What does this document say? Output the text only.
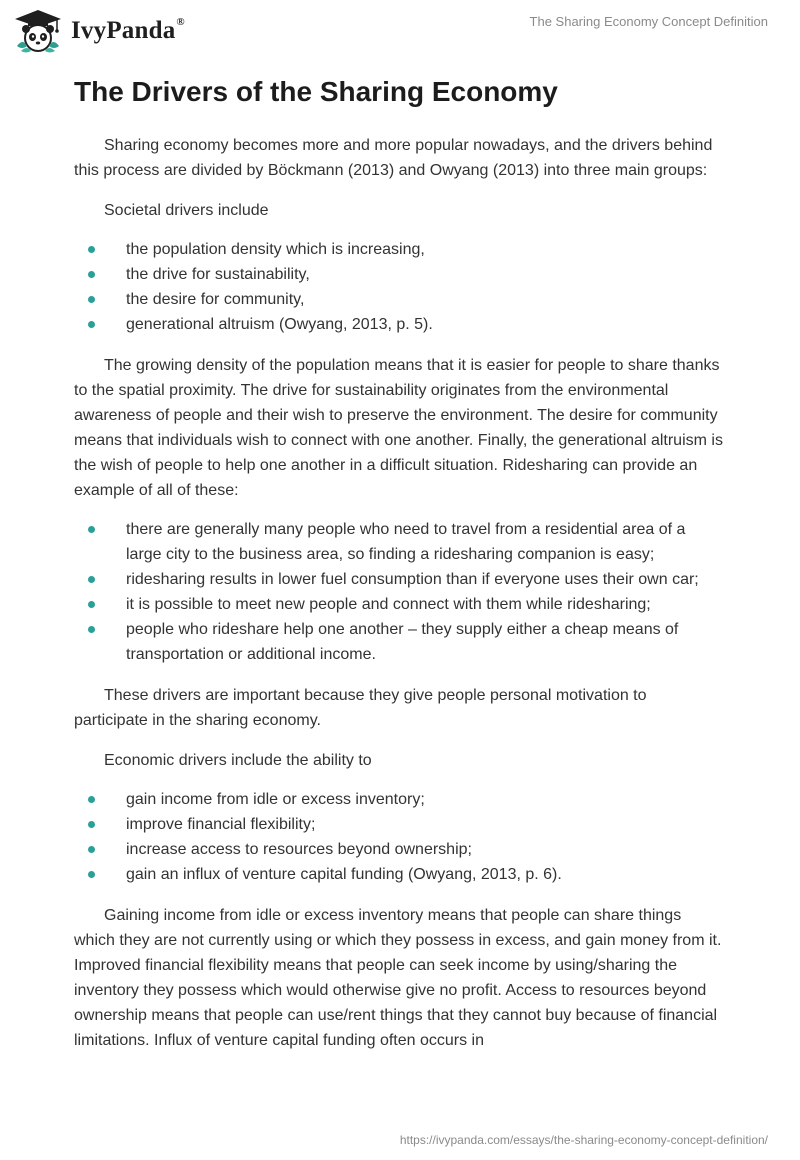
IvyPanda®	The Sharing Economy Concept Definition
The Drivers of the Sharing Economy

Sharing economy becomes more and more popular nowadays, and the drivers behind this process are divided by Böckmann (2013) and Owyang (2013) into three main groups:

Societal drivers include

the population density which is increasing,
the drive for sustainability,
the desire for community,
generational altruism (Owyang, 2013, p. 5).

The growing density of the population means that it is easier for people to share thanks to the spatial proximity. The drive for sustainability originates from the environmental awareness of people and their wish to preserve the environment. The desire for community means that individuals wish to connect with one another. Finally, the generational altruism is the wish of people to help one another in a difficult situation. Ridesharing can provide an example of all of these:

there are generally many people who need to travel from a residential area of a large city to the business area, so finding a ridesharing companion is easy;
ridesharing results in lower fuel consumption than if everyone uses their own car;
it is possible to meet new people and connect with them while ridesharing;
people who rideshare help one another – they supply either a cheap means of transportation or additional income.

These drivers are important because they give people personal motivation to participate in the sharing economy.

Economic drivers include the ability to

gain income from idle or excess inventory;
improve financial flexibility;
increase access to resources beyond ownership;
gain an influx of venture capital funding (Owyang, 2013, p. 6).

Gaining income from idle or excess inventory means that people can share things which they are not currently using or which they possess in excess, and gain money from it. Improved financial flexibility means that people can seek income by using/sharing the inventory they possess which would otherwise give no profit. Access to resources beyond ownership means that people can use/rent things that they cannot buy because of financial limitations. Influx of venture capital funding often occurs in

https://ivypanda.com/essays/the-sharing-economy-concept-definition/
